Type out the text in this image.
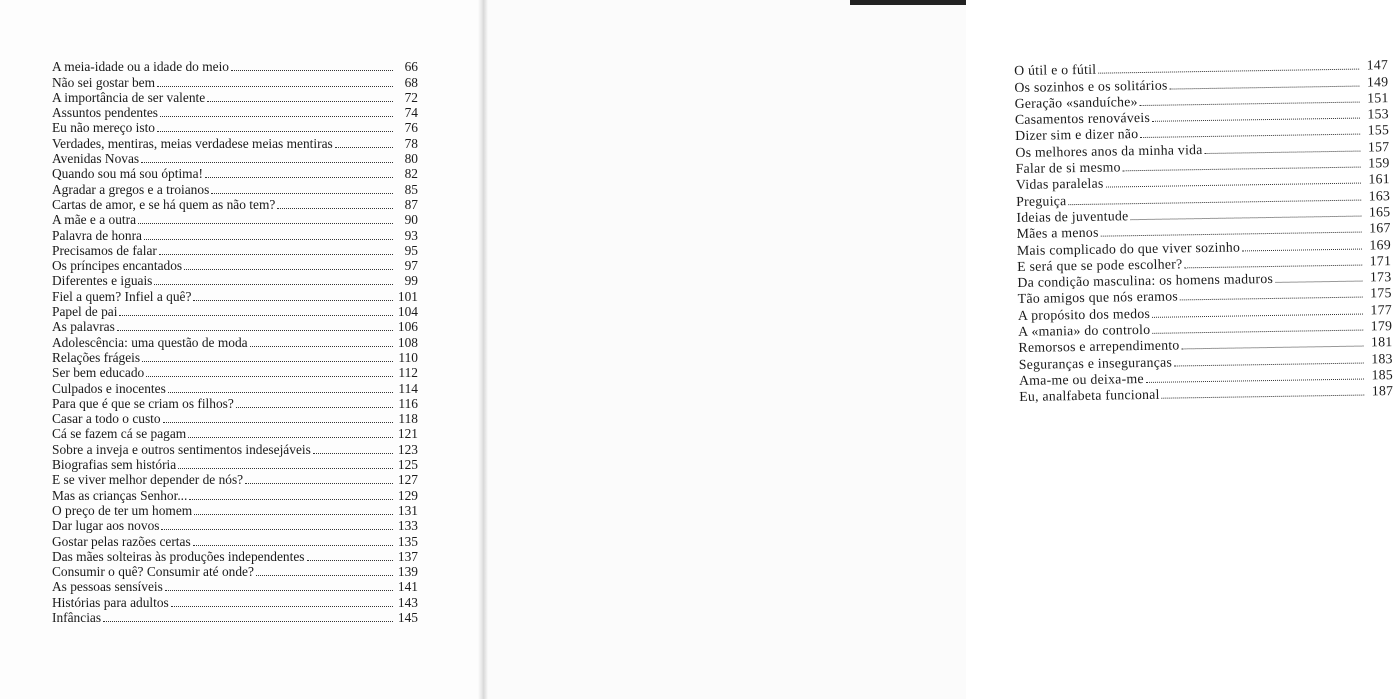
A meia-idade ou a idade do meio	66
Não sei gostar bem	68
A importância de ser valente	72
Assuntos pendentes	74
Eu não mereço isto	76
Verdades, mentiras, meias verdadese meias mentiras	78
Avenidas Novas	80
Quando sou má sou óptima!	82
Agradar a gregos e a troianos	85
Cartas de amor, e se há quem as não tem?	87
A mãe e a outra	90
Palavra de honra	93
Precisamos de falar	95
Os príncipes encantados	97
Diferentes e iguais	99
Fiel a quem? Infiel a quê?	101
Papel de pai	104
As palavras	106
Adolescência: uma questão de moda	108
Relações frágeis	110
Ser bem educado	112
Culpados e inocentes	114
Para que é que se criam os filhos?	116
Casar a todo o custo	118
Cá se fazem cá se pagam	121
Sobre a inveja e outros sentimentos indesejáveis	123
Biografias sem história	125
E se viver melhor depender de nós?	127
Mas as crianças Senhor...	129
O preço de ter um homem	131
Dar lugar aos novos	133
Gostar pelas razões certas	135
Das mães solteiras às produções independentes	137
Consumir o quê? Consumir até onde?	139
As pessoas sensíveis	141
Histórias para adultos	143
Infâncias	145
O útil e o fútil	147
Os sozinhos e os solitários	149
Geração «sanduíche»	151
Casamentos renováveis	153
Dizer sim e dizer não	155
Os melhores anos da minha vida	157
Falar de si mesmo	159
Vidas paralelas	161
Preguiça	163
Ideias de juventude	165
Mães a menos	167
Mais complicado do que viver sozinho	169
E será que se pode escolher?	171
Da condição masculina: os homens maduros	173
Tão amigos que nós eramos	175
A propósito dos medos	177
A «mania» do controlo	179
Remorsos e arrependimento	181
Seguranças e inseguranças	183
Ama-me ou deixa-me	185
Eu, analfabeta funcional	187
